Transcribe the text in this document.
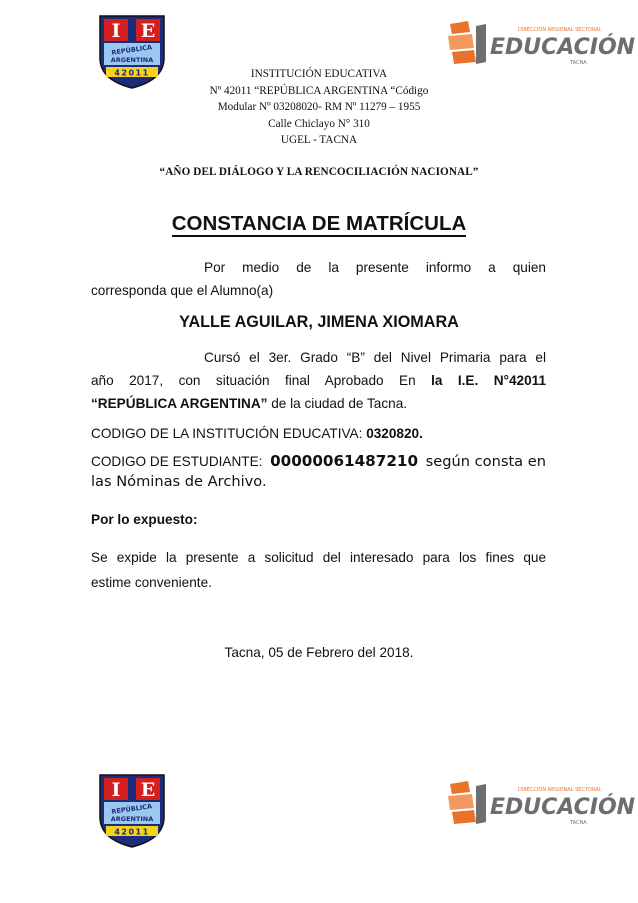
I E
REPÚBLICA
ARGENTINA
42011
DIRECCIÓN REGIONAL SECTORAL
EDUCACIÓN
TACNA
INSTITUCIÓN EDUCATIVA
Nº 42011 “REPÚBLICA ARGENTINA “Código
Modular Nº 03208020- RM Nº 11279 – 1955
Calle Chiclayo N° 310
UGEL - TACNA
“AÑO DEL DIÁLOGO Y LA RENCOCILIACIÓN NACIONAL”
CONSTANCIA DE MATRÍCULA
Por medio de la presente informo a quien
corresponda que el Alumno(a)
YALLE AGUILAR, JIMENA XIOMARA
Cursó el 3er. Grado “B” del Nivel Primaria para el
año 2017, con situación final Aprobado En la I.E. N°42011
“REPÚBLICA ARGENTINA” de la ciudad de Tacna.
CODIGO DE LA INSTITUCIÓN EDUCATIVA: 0320820.
CODIGO DE ESTUDIANTE: 00000061487210 según consta en
las Nóminas de Archivo.
Por lo expuesto:
Se expide la presente a solicitud del interesado para los fines que
estime conveniente.
Tacna, 05 de Febrero del 2018.
I E
REPÚBLICA
ARGENTINA
42011
DIRECCIÓN REGIONAL SECTORAL
EDUCACIÓN
TACNA
